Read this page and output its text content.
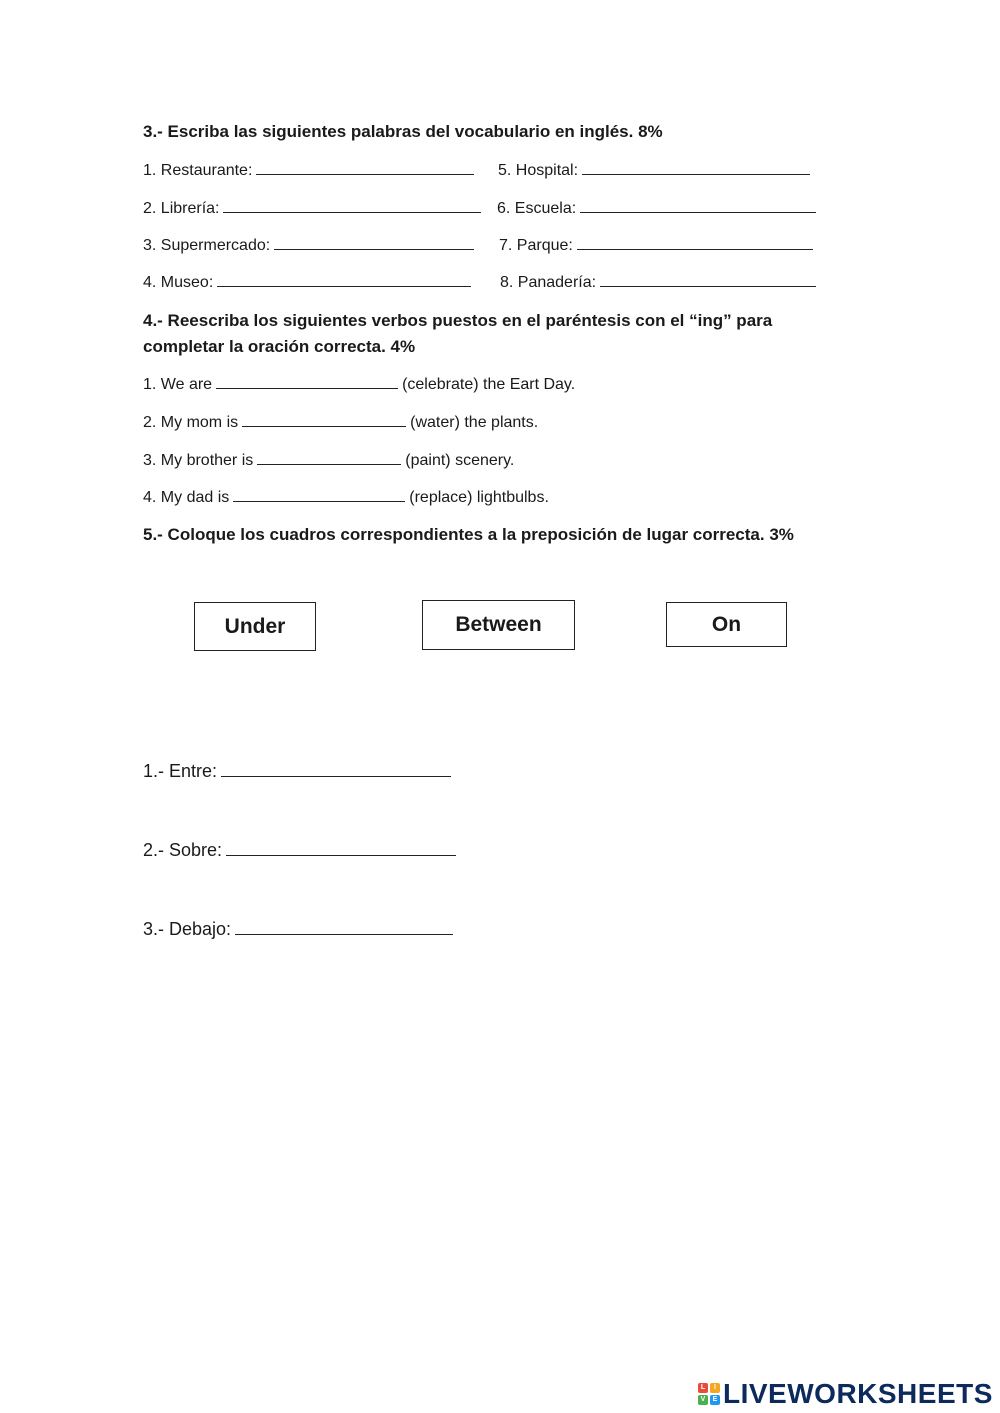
3.- Escriba las siguientes palabras del vocabulario en inglés. 8%
1. Restaurante:	5. Hospital:
2. Librería:	6. Escuela:
3. Supermercado:	7. Parque:
4. Museo:	8. Panadería:
4.- Reescriba los siguientes verbos puestos en el paréntesis con el “ing” para
completar la oración correcta. 4%
1. We are	(celebrate) the Eart Day.
2. My mom is	(water) the plants.
3. My brother is	(paint) scenery.
4. My dad is	(replace) lightbulbs.
5.- Coloque los cuadros correspondientes a la preposición de lugar correcta. 3%
Under	Between	On
1.- Entre:
2.- Sobre:
3.- Debajo:
L	I
V	E LIVEWORKSHEETS
